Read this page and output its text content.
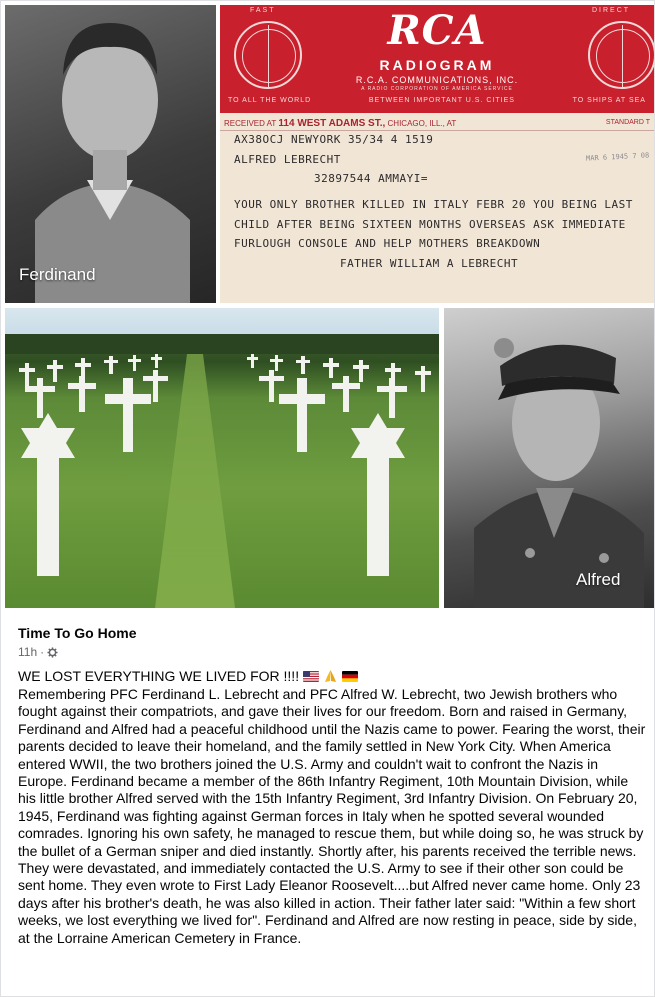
Ferdinand
FAST	DIRECT
RCA
RADIOGRAM
R.C.A. COMMUNICATIONS, INC.
A RADIO CORPORATION OF AMERICA SERVICE
TO ALL THE WORLD	BETWEEN IMPORTANT U.S. CITIES	TO SHIPS AT SEA
RECEIVED AT 114 WEST ADAMS ST., CHICAGO, ILL., AT	STANDARD T
AX38OCJ NEWYORK 35/34 4 1519
ALFRED LEBRECHT
32897544 AMMAYI=
YOUR ONLY BROTHER KILLED IN ITALY FEBR 20 YOU BEING LAST
CHILD AFTER BEING SIXTEEN MONTHS OVERSEAS ASK IMMEDIATE
FURLOUGH CONSOLE AND HELP MOTHERS BREAKDOWN
FATHER WILLIAM A LEBRECHT
MAR 6 1945 7 08
Alfred
Time To Go Home
11h ·
WE LOST EVERYTHING WE LIVED FOR !!!!
Remembering PFC Ferdinand L. Lebrecht and PFC Alfred W. Lebrecht, two Jewish brothers who fought against their compatriots, and gave their lives for our freedom. Born and raised in Germany, Ferdinand and Alfred had a peaceful childhood until the Nazis came to power. Fearing the worst, their parents decided to leave their homeland, and the family settled in New York City. When America entered WWII, the two brothers joined the U.S. Army and couldn't wait to confront the Nazis in Europe. Ferdinand became a member of the 86th Infantry Regiment, 10th Mountain Division, while his little brother Alfred served with the 15th Infantry Regiment, 3rd Infantry Division. On February 20, 1945, Ferdinand was fighting against German forces in Italy when he spotted several wounded comrades. Ignoring his own safety, he managed to rescue them, but while doing so, he was struck by the bullet of a German sniper and died instantly. Shortly after, his parents received the terrible news. They were devastated, and immediately contacted the U.S. Army to see if their other son could be sent home. They even wrote to First Lady Eleanor Roosevelt....but Alfred never came home. Only 23 days after his brother's death, he was also killed in action. Their father later said: "Within a few short weeks, we lost everything we lived for". Ferdinand and Alfred are now resting in peace, side by side, at the Lorraine American Cemetery in France.
